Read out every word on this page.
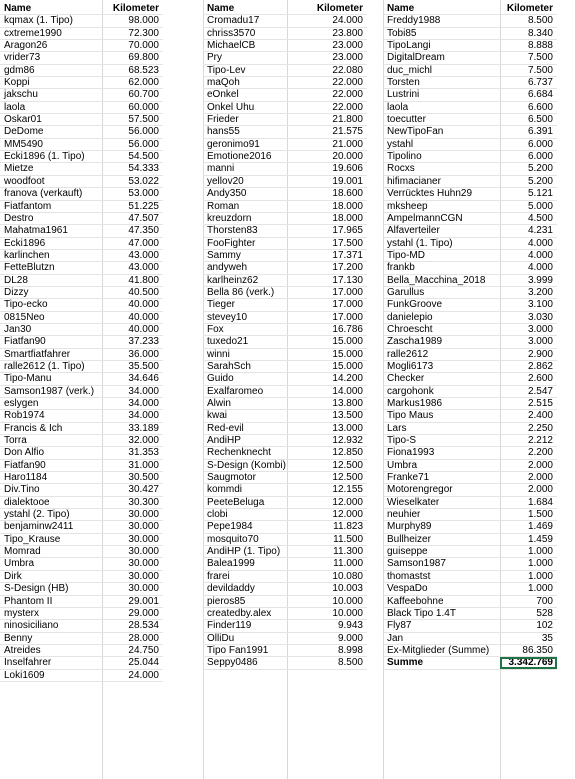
Name	Kilometer
kqmax (1. Tipo)	98.000
cxtreme1990	72.300
Aragon26	70.000
vrider73	69.800
gdm86	68.523
Koppi	62.000
jakschu	60.700
laola	60.000
Oskar01	57.500
DeDome	56.000
MM5490	56.000
Ecki1896 (1. Tipo)	54.500
Mietze	54.333
woodfoot	53.022
franova (verkauft)	53.000
Fiatfantom	51.225
Destro	47.507
Mahatma1961	47.350
Ecki1896	47.000
karlinchen	43.000
FetteBlutzn	43.000
DL28	41.800
Dizzy	40.500
Tipo-ecko	40.000
0815Neo	40.000
Jan30	40.000
Fiatfan90	37.233
Smartfiatfahrer	36.000
ralle2612 (1. Tipo)	35.500
Tipo-Manu	34.646
Samson1987 (verk.)	34.000
eslygen	34.000
Rob1974	34.000
Francis & Ich	33.189
Torra	32.000
Don Alfio	31.353
Fiatfan90	31.000
Haro1184	30.500
Div.Tino	30.427
dialektooe	30.300
ystahl (2. Tipo)	30.000
benjaminw2411	30.000
Tipo_Krause	30.000
Momrad	30.000
Umbra	30.000
Dirk	30.000
S-Design (HB)	30.000
Phantom II	29.001
mysterx	29.000
ninosiciliano	28.534
Benny	28.000
Atreides	24.750
Inselfahrer	25.044
Loki1609	24.000
Name	Kilometer
Cromadu17	24.000
chriss3570	23.800
MichaelCB	23.000
Pry	23.000
Tipo-Lev	22.080
maQoh	22.000
eOnkel	22.000
Onkel Uhu	22.000
Frieder	21.800
hans55	21.575
geronimo91	21.000
Emotione2016	20.000
manni	19.606
yellov20	19.001
Andy350	18.600
Roman	18.000
kreuzdorn	18.000
Thorsten83	17.965
FooFighter	17.500
Sammy	17.371
andyweh	17.200
karlheinz62	17.130
Bella 86 (verk.)	17.000
Tieger	17.000
stevey10	17.000
Fox	16.786
tuxedo21	15.000
winni	15.000
SarahSch	15.000
Guido	14.200
Exalfaromeo	14.000
Alwin	13.800
kwai	13.500
Red-evil	13.000
AndiHP	12.932
Rechenknecht	12.850
S-Design (Kombi)	12.500
Saugmotor	12.500
kommdi	12.155
PeeteBeluga	12.000
clobi	12.000
Pepe1984	11.823
mosquito70	11.500
AndiHP (1. Tipo)	11.300
Balea1999	11.000
frarei	10.080
devildaddy	10.003
pieros85	10.000
createdby.alex	10.000
Finder119	9.943
OlliDu	9.000
Tipo Fan1991	8.998
Seppy0486	8.500
Name	Kilometer
Freddy1988	8.500
Tobi85	8.340
TipoLangi	8.888
DigitalDream	7.500
duc_michl	7.500
Torsten	6.737
Lustrini	6.684
laola	6.600
toecutter	6.500
NewTipoFan	6.391
ystahl	6.000
Tipolino	6.000
Rocxs	5.200
hifimacianer	5.200
Verrücktes Huhn29	5.121
mksheep	5.000
AmpelmannCGN	4.500
Alfaverteiler	4.231
ystahl (1. Tipo)	4.000
Tipo-MD	4.000
frankb	4.000
Bella_Macchina_2018	3.999
Garullus	3.200
FunkGroove	3.100
danielepio	3.030
Chroescht	3.000
Zascha1989	3.000
ralle2612	2.900
Mogli6173	2.862
Checker	2.600
cargohonk	2.547
Markus1986	2.515
Tipo Maus	2.400
Lars	2.250
Tipo-S	2.212
Fiona1993	2.200
Umbra	2.000
Franke71	2.000
Motorengregor	2.000
Wieselkater	1.684
neuhier	1.500
Murphy89	1.469
Bullheizer	1.459
guiseppe	1.000
Samson1987	1.000
thomastst	1.000
VespaDo	1.000
Kaffeebohne	700
Black Tipo 1.4T	528
Fly87	102
Jan	35
Ex-Mitglieder (Summe)	86.350
Summe	3.342.769
